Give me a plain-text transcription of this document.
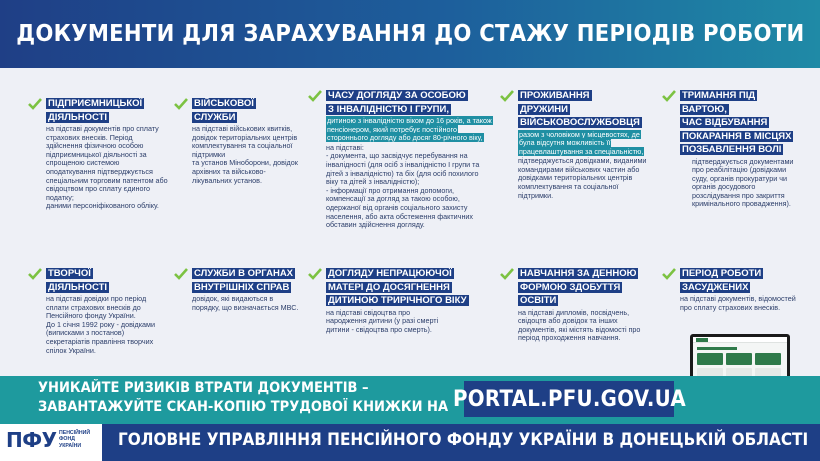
ДОКУМЕНТИ ДЛЯ ЗАРАХУВАННЯ ДО СТАЖУ ПЕРІОДІВ РОБОТИ
ПІДПРИЄМНИЦЬКОЇ
ДІЯЛЬНОСТІ
на підставі документів про сплату страхових внесків. Період здійснення фізичною особою підприємницької діяльності за спрощеною системою оподаткування підтверджується спеціальним торговим патентом або свідоцтвом про сплату єдиного податку;
даними персоніфікованого обліку.
ВІЙСЬКОВОЇ
СЛУЖБИ
на підставі військових квитків, довідок територіальних центрів комплектування та соціальної підтримки
та установ Міноборони, довідок архівних та військово-лікувальних установ.
ЧАСУ ДОГЛЯДУ ЗА ОСОБОЮ
З ІНВАЛІДНІСТЮ І ГРУПИ,
дитиною з інвалідністю віком до 16 років, а також пенсіонером, який потребує постійного стороннього догляду або досяг 80-річного віку,
на підставі:
- документа, що засвідчує перебування на інвалідності (для осіб з інвалідністю І групи та дітей з інвалідністю) та біх (для осіб похилого віку та дітей з інвалідністю);
- інформації про отримання допомоги, компенсації за догляд за такою особою, одержаної від органів соціального захисту населення, або акта обстеження фактичних обставин здійснення догляду.
ПРОЖИВАННЯ
ДРУЖИНИ
ВІЙСЬКОВОСЛУЖБОВЦЯ
разом з чоловіком у місцевостях, де була відсутня можливість її працевлаштування за спеціальністю,
підтверджується довідками, виданими командирами військових частин або довідками територіальних центрів комплектування та соціальної підтримки.
ТРИМАННЯ ПІД ВАРТОЮ,
ЧАС ВІДБУВАННЯ
ПОКАРАННЯ В МІСЦЯХ
ПОЗБАВЛЕННЯ ВОЛІ
підтверджується документами про реабілітацію (довідками суду, органів прокуратури чи органів досудового розслідування про закриття кримінального провадження).
ТВОРЧОЇ
ДІЯЛЬНОСТІ
на підставі довідки про період сплати страхових внесків до Пенсійного фонду України.
До 1 січня 1992 року - довідками (виписками з постанов) секретаріатів правління творчих спілок України.
СЛУЖБИ В ОРГАНАХ
ВНУТРІШНІХ СПРАВ
довідок, які видаються в порядку, що визначається МВС.
ДОГЛЯДУ НЕПРАЦЮЮЧОЇ
МАТЕРІ ДО ДОСЯГНЕННЯ
ДИТИНОЮ ТРИРІЧНОГО ВІКУ
на підставі свідоцтва про народження дитини (у разі смерті дитини - свідоцтва про смерть).
НАВЧАННЯ ЗА ДЕННОЮ
ФОРМОЮ ЗДОБУТТЯ ОСВІТИ
на підставі дипломів, посвідчень, свідоцтв або довідок та інших документів, які містять відомості про період проходження навчання.
ПЕРІОД РОБОТИ
ЗАСУДЖЕНИХ
на підставі документів, відомостей про сплату страхових внесків.
УНИКАЙТЕ РИЗИКІВ ВТРАТИ ДОКУМЕНТІВ –
ЗАВАНТАЖУЙТЕ СКАН-КОПІЮ ТРУДОВОЇ КНИЖКИ НА PORTAL.PFU.GOV.UA
ПФУ ПЕНСІЙНИЙ
ФОНД
УКРАЇНИ	ГОЛОВНЕ УПРАВЛІННЯ ПЕНСІЙНОГО ФОНДУ УКРАЇНИ В ДОНЕЦЬКІЙ ОБЛАСТІ
